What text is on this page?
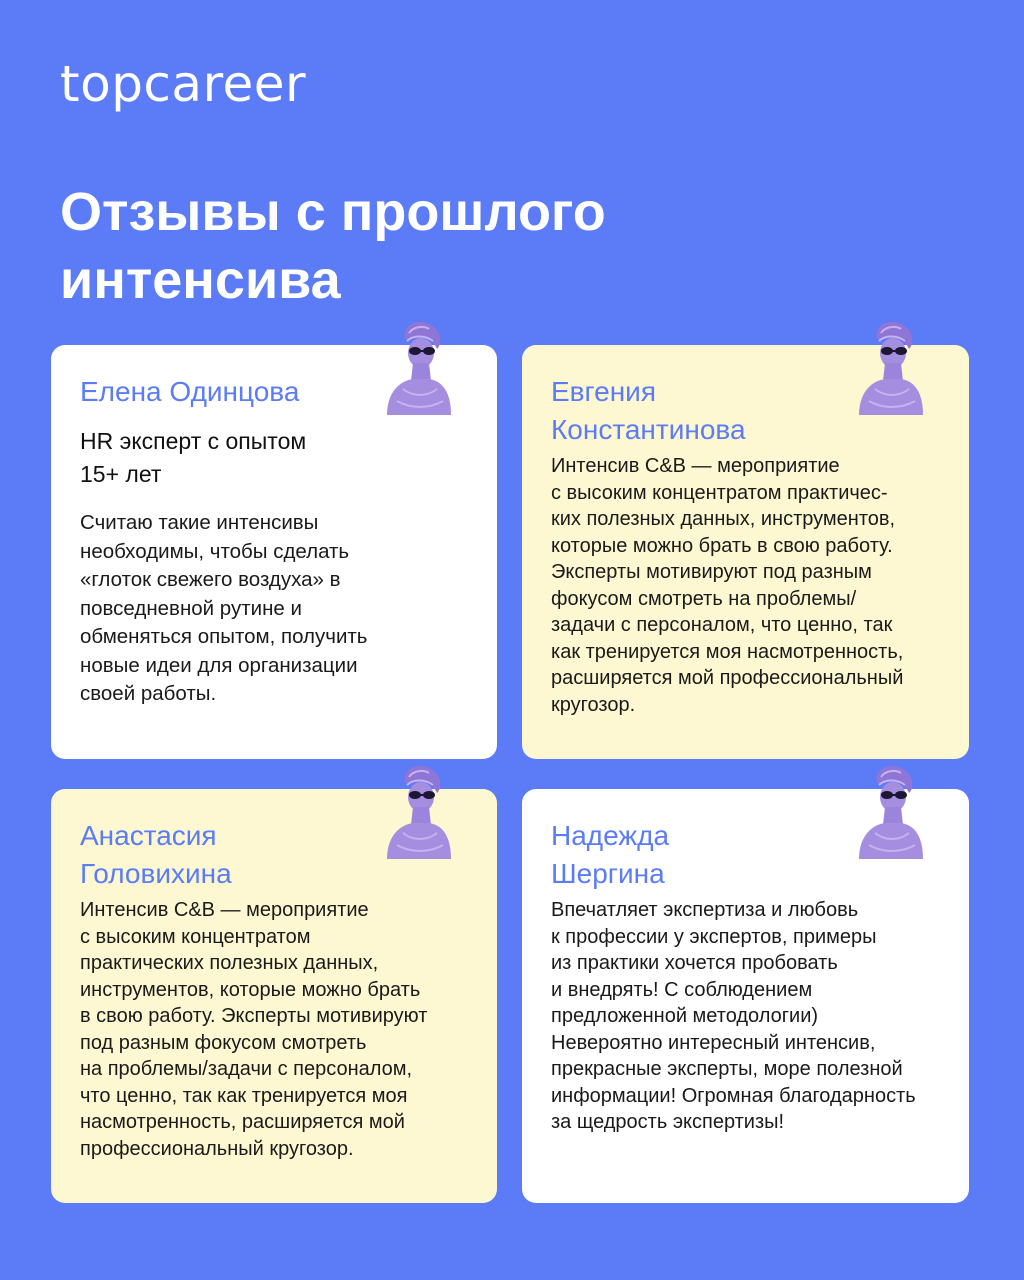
topcareer
Отзывы с прошлого
интенсива
Елена Одинцова

HR эксперт с опытом
15+ лет

Считаю такие интенсивы
необходимы, чтобы сделать
«глоток свежего воздуха» в
повседневной рутине и
обменяться опытом, получить
новые идеи для организации
своей работы.

Евгения
Константинова

Интенсив С&B — мероприятие
с высоким концентратом практичес-
ких полезных данных, инструментов,
которые можно брать в свою работу.
Эксперты мотивируют под разным
фокусом смотреть на проблемы/
задачи с персоналом, что ценно, так
как тренируется моя насмотренность,
расширяется мой профессиональный
кругозор.

Анастасия
Головихина

Интенсив С&B — мероприятие
с высоким концентратом
практических полезных данных,
инструментов, которые можно брать
в свою работу. Эксперты мотивируют
под разным фокусом смотреть
на проблемы/задачи с персоналом,
что ценно, так как тренируется моя
насмотренность, расширяется мой
профессиональный кругозор.

Надежда
Шергина

Впечатляет экспертиза и любовь
к профессии у экспертов, примеры
из практики хочется пробовать
и внедрять! С соблюдением
предложенной методологии)
Невероятно интересный интенсив,
прекрасные эксперты, море полезной
информации! Огромная благодарность
за щедрость экспертизы!
